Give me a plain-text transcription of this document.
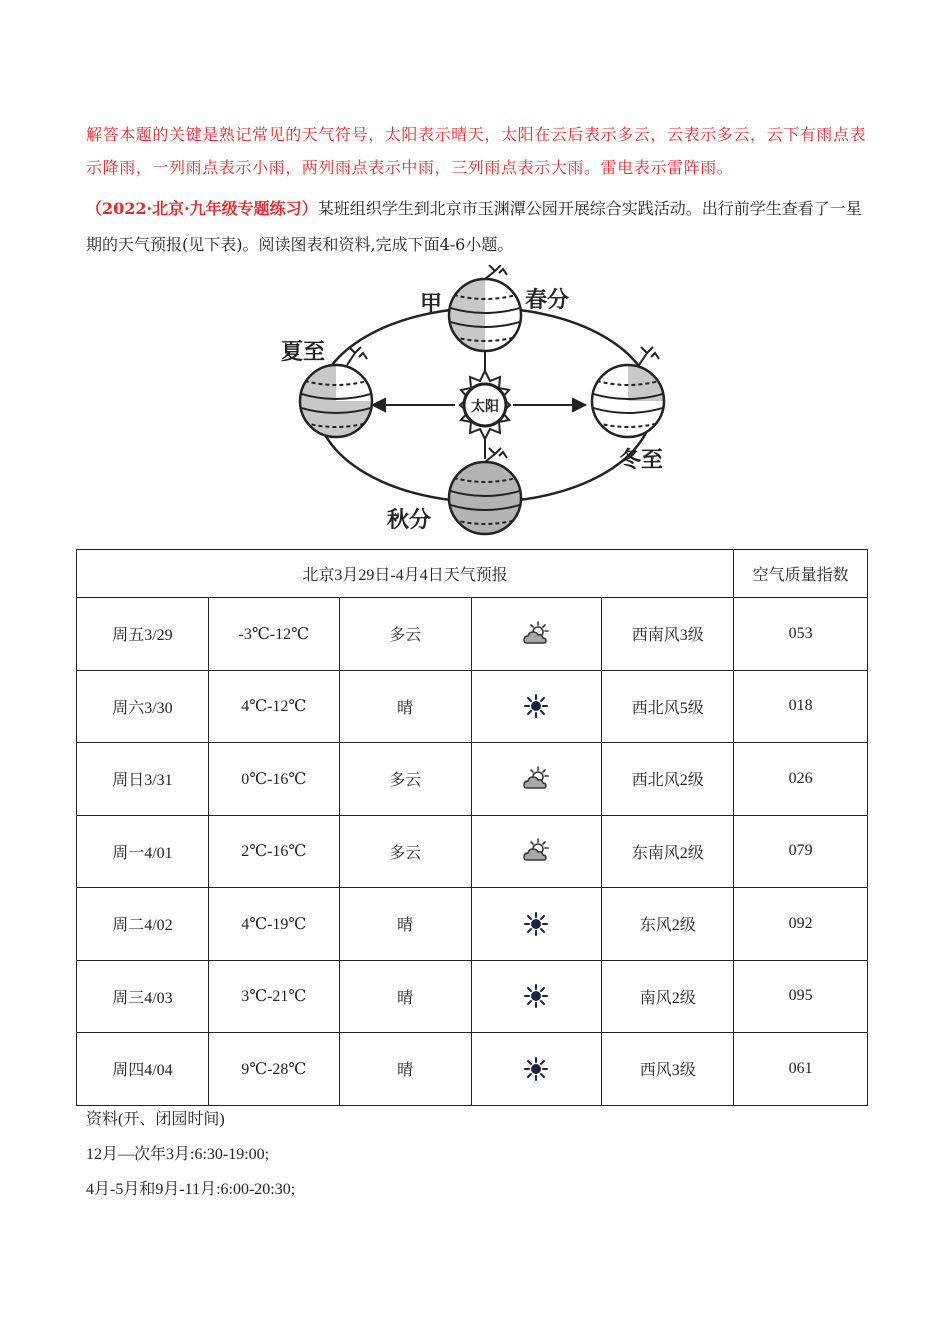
解答本题的关键是熟记常见的天气符号，太阳表示晴天，太阳在云后表示多云，云表示多云，云下有雨点表示降雨，一列雨点表示小雨，两列雨点表示中雨，三列雨点表示大雨。雷电表示雷阵雨。
（2022·北京·九年级专题练习）某班组织学生到北京市玉渊潭公园开展综合实践活动。出行前学生查看了一星期的天气预报(见下表)。阅读图表和资料,完成下面4-6小题。
太阳
甲	春分
夏至
冬至
秋分
北京3月29日-4月4日天气预报					空气质量指数
周五3/29	-3℃-12℃	多云		西南风3级	053
周六3/30	4℃-12℃	晴		西北风5级	018
周日3/31	0℃-16℃	多云		西北风2级	026
周一4/01	2℃-16℃	多云		东南风2级	079
周二4/02	4℃-19℃	晴		东风2级	092
周三4/03	3℃-21℃	晴		南风2级	095
周四4/04	9℃-28℃	晴		西风3级	061
资料(开、闭园时间)
12月—次年3月:6:30-19:00;
4月-5月和9月-11月:6:00-20:30;
